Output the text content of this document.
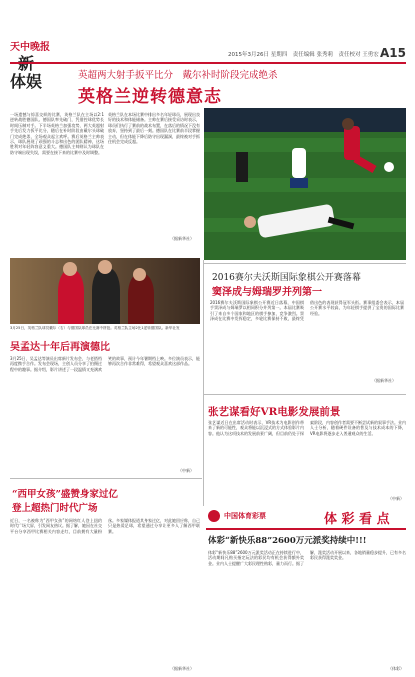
天中晚报
体娱
2015年3月26日 星期四　责任编辑 张秀莉　责任校对 王勇宏 A15
英超两大射手扳平比分　戴尔补时阶段完成绝杀
英格兰逆转德意志
一场遗憾与惊喜交织的比赛，英格兰队在主场以2:1逆转战胜德国队。德国队率先破门，凭借控球优势长时间压制对手。下半场英格兰加强攻势，两大英超射手先后发力扳平比分，随后在补时阶段由戴尔头球破门完成绝杀，全场观众起立欢呼。赛后英格兰主帅表示，球队展现了顽强的斗志和出色的团队精神，这场胜利对年轻阵容意义重大。德国队主帅则认为球队在防守端出现失误，需要在接下来的比赛中及时调整。
英格兰队在本场比赛中排出多名年轻球员，展现出良好的技术和体能储备。主帅在赛后接受采访时表示，球员们执行了赛前的战术布置，在落后的情况下没有放弃，坚持到了最后一刻。德国队在比赛前半段掌握主动，但在体能下降后防守出现漏洞，最终被对手抓住机会完成反超。
（据新华社）
3月25日，英格兰队球员戴尔（右）与德国队球员在比赛中拼抢。英格兰队主场2比1逆转德国队。新华社发
2016赛尔夫沃斯国际象棋公开赛落幕
窦泽成与姆瑞罗并列第一
2016赛尔夫沃斯国际象棋公开赛近日落幕，中国棋手窦泽成与姆瑞罗以相同积分并列第一。本届比赛吸引了来自多个国家和地区的棋手参加，竞争激烈。窦泽成在比赛中发挥稳定，多轮比赛保持不败，最终凭借出色的表现获得冠军头衔。赛事组委会表示，本届公开赛水平较高，为年轻棋手提供了宝贵的国际比赛经验。
（据新华社）
张艺谋看好VR电影发展前景
张艺谋近日在出席活动时表示，VR技术为电影创作带来了新的可能性，观众将能以沉浸式的方式体验影片内容。他认为这项技术的发展前景广阔，但目前仍处于探索阶段，内容创作者需要不断尝试新的叙事手法。业内人士分析，随着硬件设备的普及与技术成本的下降，VR电影将逐步走入普通观众的生活。
（中新）
吴孟达十年后再演德比
3月25日，吴孟达等演员出席新片发布会，与老搭档再度携手合作。发布会现场，主创人员分享了拍摄过程中的趣事。据介绍，影片讲述了一段温情又充满欢笑的故事，预计今年暑期档上映。多位演员表示，能够再次合作非常难得，希望观众喜欢这部作品。
（中新）
“西甲女孩”盛赞身家过亿
登上超热门时代广场
近日，一名被称为“西甲女孩”的网络红人登上纽约时代广场大屏，引发网友热议。据了解，她因在社交平台分享西甲比赛相关内容走红，目前拥有大量粉丝。多家媒体报道其身家过亿，对此她回应称，自己只是热爱足球，希望通过分享让更多人了解西甲联赛。
（据新华社）
中国体育彩票	体 彩 看 点
体彩“新快乐88”2600万元派奖持续中!!!
体彩“新快乐88”2600万元派奖活动正在持续进行中，活动期间凡购买指定玩法的彩民均有机会获得额外奖金。业内人士提醒广大彩民理性购彩，量力而行。据了解，派奖活动开展以来，各地销量稳步提升，已有多名彩民获得派奖奖金。
（体彩）
